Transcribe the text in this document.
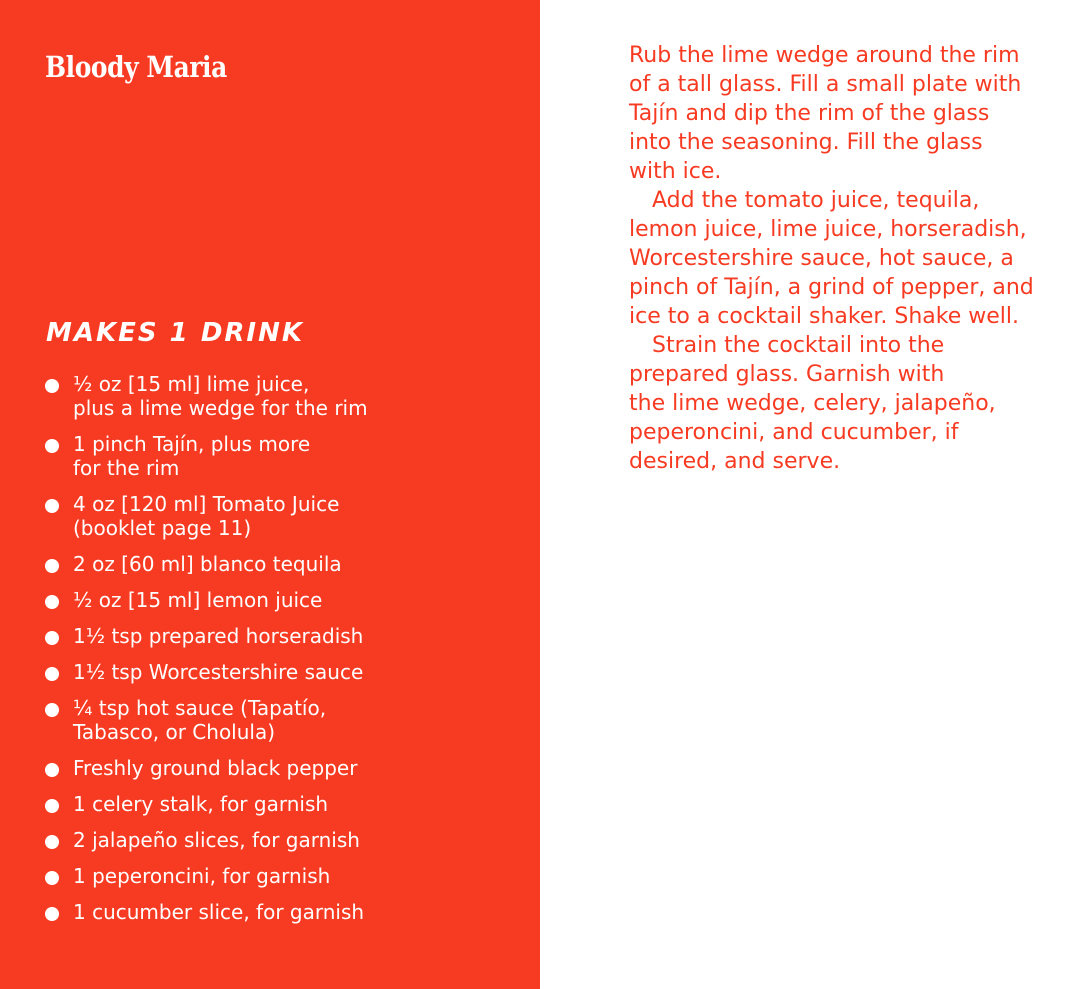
Bloody Maria
MAKES 1 DRINK
½ oz [15 ml] lime juice,
plus a lime wedge for the rim
1 pinch Tajín, plus more
for the rim
4 oz [120 ml] Tomato Juice
(booklet page 11)
2 oz [60 ml] blanco tequila
½ oz [15 ml] lemon juice
1½ tsp prepared horseradish
1½ tsp Worcestershire sauce
¼ tsp hot sauce (Tapatío,
Tabasco, or Cholula)
Freshly ground black pepper
1 celery stalk, for garnish
2 jalapeño slices, for garnish
1 peperoncini, for garnish
1 cucumber slice, for garnish

Rub the lime wedge around the rim
of a tall glass. Fill a small plate with
Tajín and dip the rim of the glass
into the seasoning. Fill the glass
with ice.

Add the tomato juice, tequila,
lemon juice, lime juice, horseradish,
Worcestershire sauce, hot sauce, a
pinch of Tajín, a grind of pepper, and
ice to a cocktail shaker. Shake well.

Strain the cocktail into the
prepared glass. Garnish with
the lime wedge, celery, jalapeño,
peperoncini, and cucumber, if
desired, and serve.
